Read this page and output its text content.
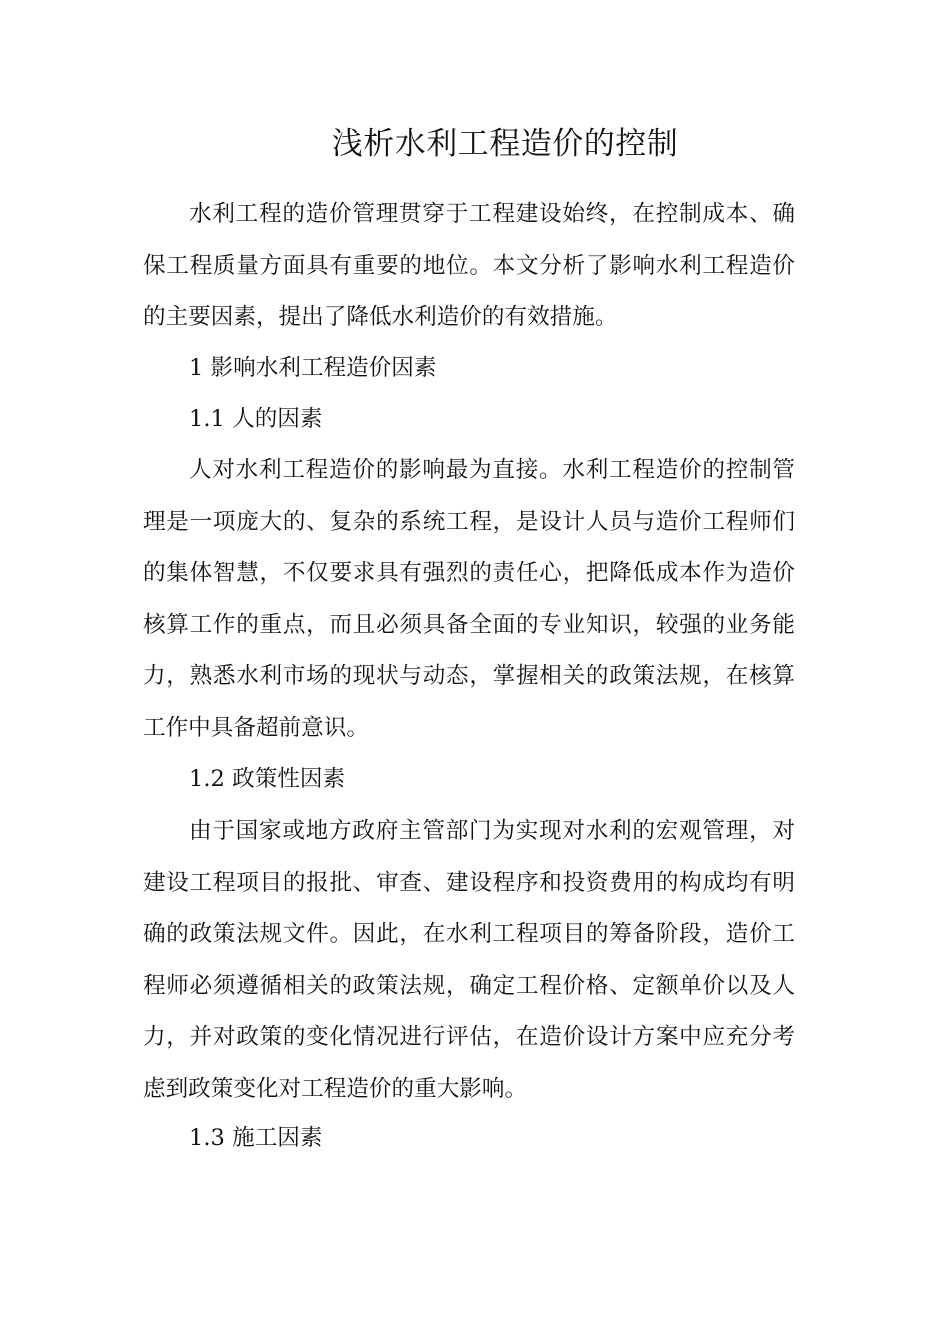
浅析水利工程造价的控制

水利工程的造价管理贯穿于工程建设始终，在控制成本、确保工程质量方面具有重要的地位。本文分析了影响水利工程造价的主要因素，提出了降低水利造价的有效措施。

1 影响水利工程造价因素
1.1 人的因素

人对水利工程造价的影响最为直接。水利工程造价的控制管理是一项庞大的、复杂的系统工程，是设计人员与造价工程师们的集体智慧，不仅要求具有强烈的责任心，把降低成本作为造价核算工作的重点，而且必须具备全面的专业知识，较强的业务能力，熟悉水利市场的现状与动态，掌握相关的政策法规，在核算工作中具备超前意识。

1.2 政策性因素

由于国家或地方政府主管部门为实现对水利的宏观管理，对建设工程项目的报批、审查、建设程序和投资费用的构成均有明确的政策法规文件。因此，在水利工程项目的筹备阶段，造价工程师必须遵循相关的政策法规，确定工程价格、定额单价以及人力，并对政策的变化情况进行评估，在造价设计方案中应充分考虑到政策变化对工程造价的重大影响。

1.3 施工因素
